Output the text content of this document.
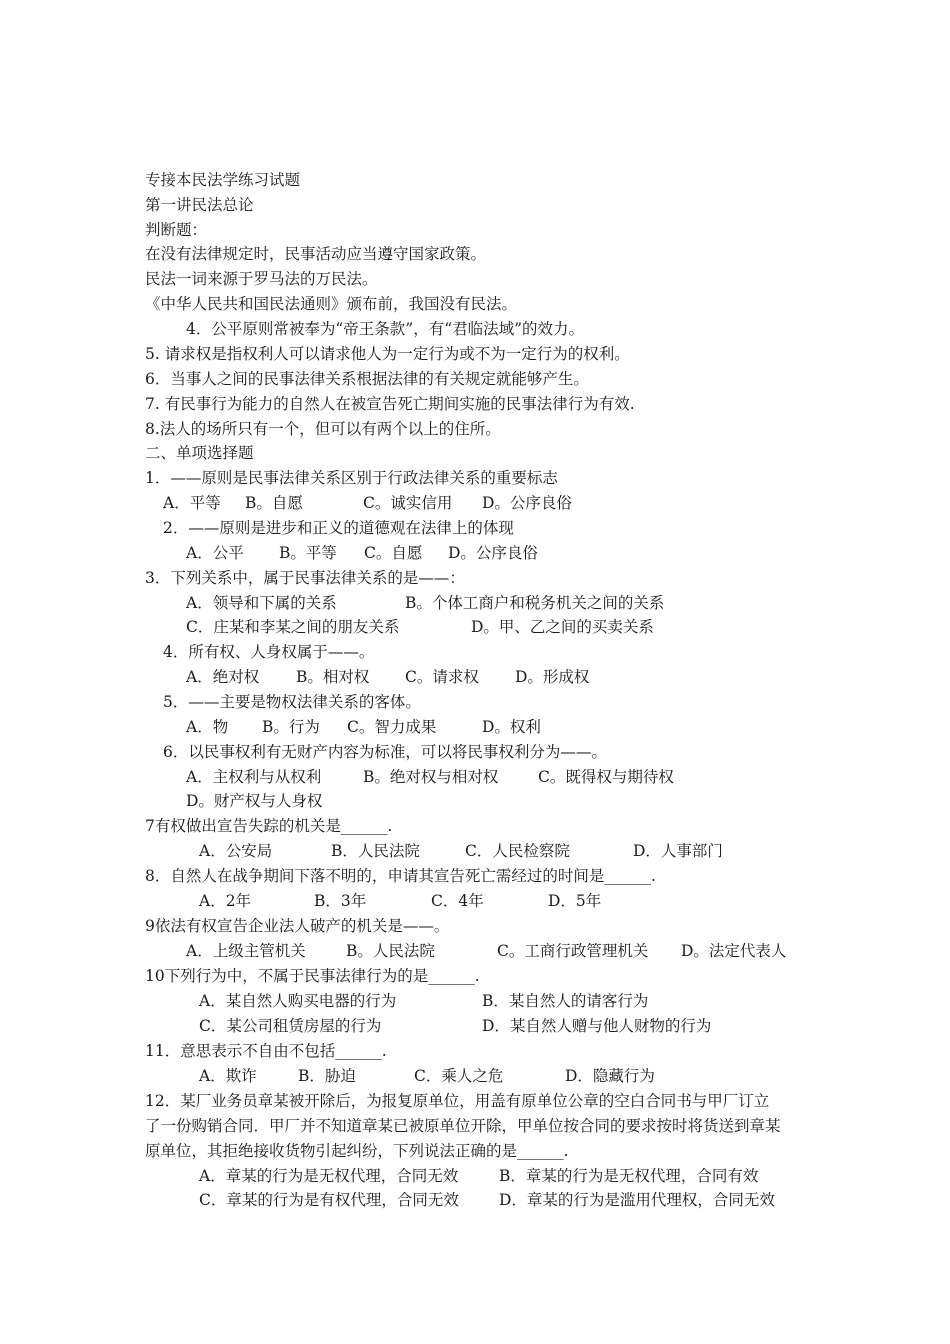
专接本民法学练习试题
第一讲民法总论
判断题：
在没有法律规定时，民事活动应当遵守国家政策。
民法一词来源于罗马法的万民法。
《中华人民共和国民法通则》颁布前，我国没有民法。
4．公平原则常被奉为“帝王条款”，有“君临法域”的效力。
5. 请求权是指权利人可以请求他人为一定行为或不为一定行为的权利。
6．当事人之间的民事法律关系根据法律的有关规定就能够产生。
7. 有民事行为能力的自然人在被宣告死亡期间实施的民事法律行为有效.
8.法人的场所只有一个，但可以有两个以上的住所。
二、单项选择题
1．——原则是民事法律关系区别于行政法律关系的重要标志
A．平等 B。自愿	C。诚实信用 D。公序良俗
2．——原则是进步和正义的道德观在法律上的体现
A．公平 B。平等 C。自愿 D。公序良俗
3．下列关系中，属于民事法律关系的是——：
A．领导和下属的关系	B。个体工商户和税务机关之间的关系
C．庄某和李某之间的朋友关系	D。甲、乙之间的买卖关系
4．所有权、人身权属于——。
A．绝对权 B。相对权 C。请求权 D。形成权
5．——主要是物权法律关系的客体。
A．物 B。行为 C。智力成果	D。权利
6．以民事权利有无财产内容为标准，可以将民事权利分为——。
A．主权利与从权利	B。绝对权与相对权	C。既得权与期待权
D。财产权与人身权
7有权做出宣告失踪的机关是______.
A．公安局	B．人民法院	C．人民检察院	D．人事部门
8．自然人在战争期间下落不明的，申请其宣告死亡需经过的时间是______.
A．2年	B．3年	C．4年	D．5年
9依法有权宣告企业法人破产的机关是——。
A．上级主管机关	B。人民法院	C。工商行政管理机关 D。法定代表人
10下列行为中，不属于民事法律行为的是______.
A．某自然人购买电器的行为	B．某自然人的请客行为
C．某公司租赁房屋的行为	D．某自然人赠与他人财物的行为
11．意思表示不自由不包括______.
A．欺诈	B．胁迫	C．乘人之危	D．隐藏行为
12．某厂业务员章某被开除后，为报复原单位，用盖有原单位公章的空白合同书与甲厂订立
了一份购销合同．甲厂并不知道章某已被原单位开除，甲单位按合同的要求按时将货送到章某
原单位，其拒绝接收货物引起纠纷，下列说法正确的是______.
A．章某的行为是无权代理，合同无效	B．章某的行为是无权代理，合同有效
C．章某的行为是有权代理，合同无效	D．章某的行为是滥用代理权，合同无效
